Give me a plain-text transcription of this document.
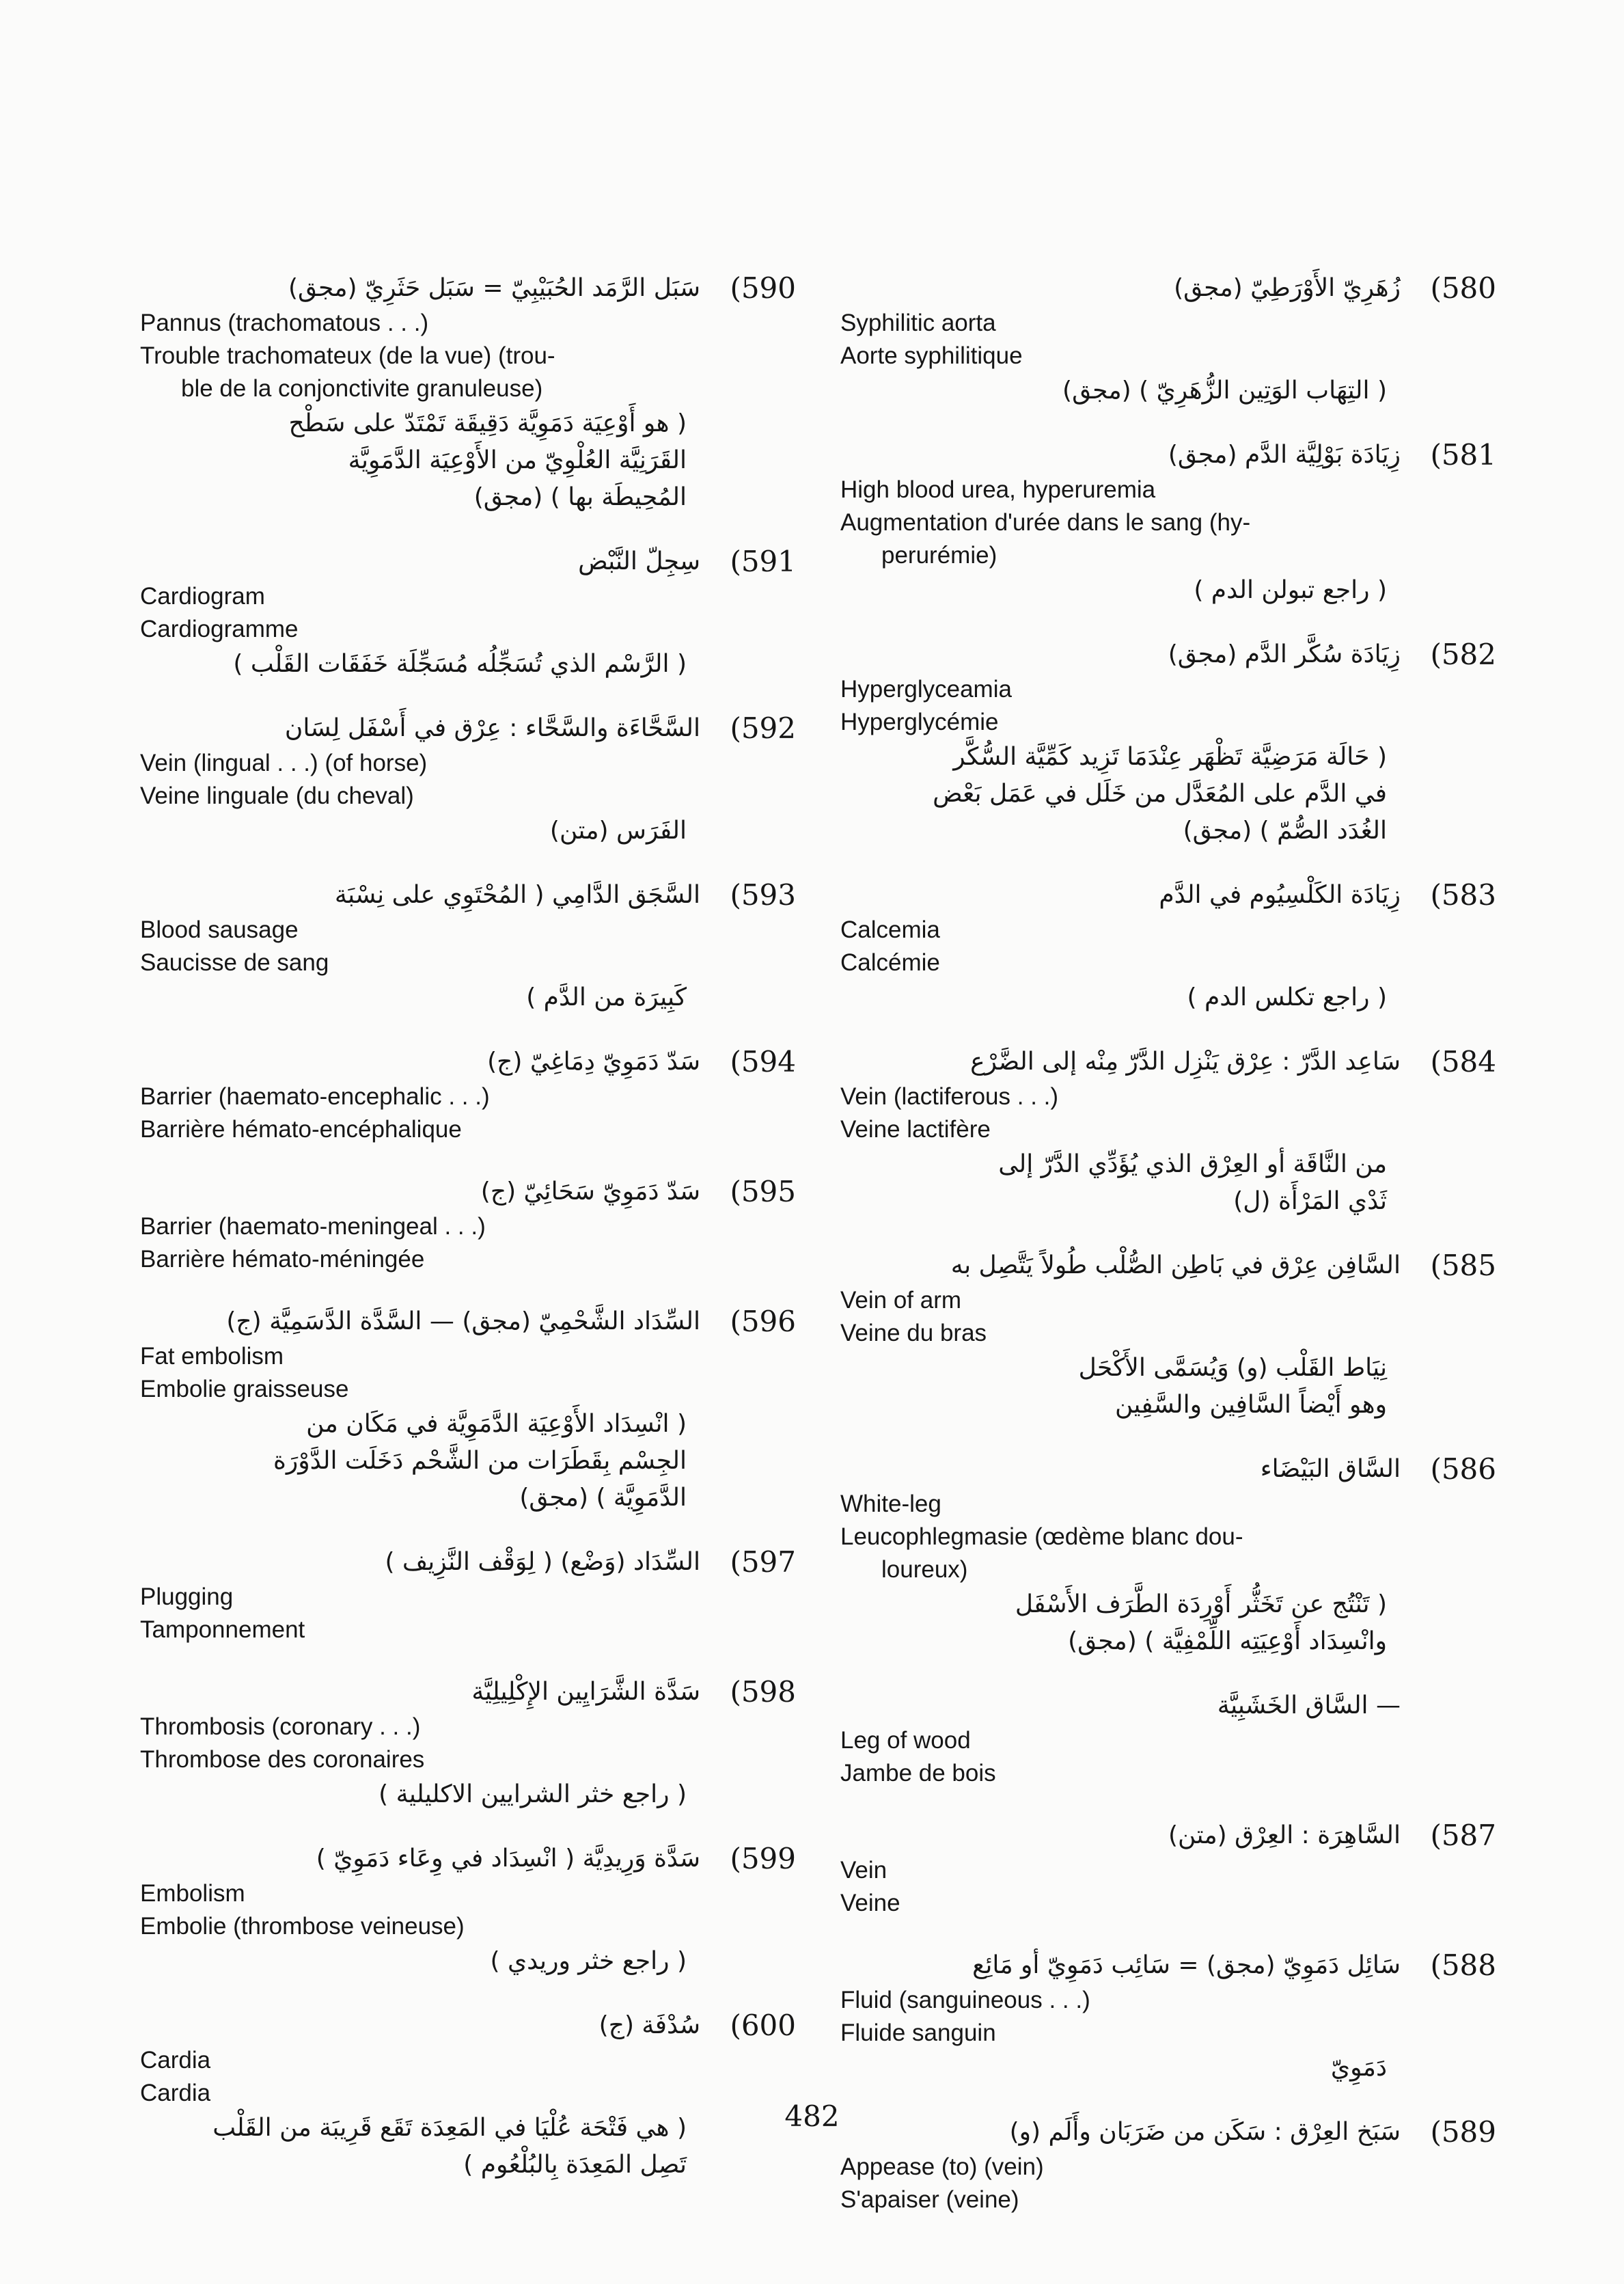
(590
سَبَل الرَّمَد الحُبَيْبِيّ = سَبَل حَثَرِيّ (مجق)
Pannus (trachomatous . . .)
Trouble trachomateux (de la vue) (trou-
ble de la conjonctivite granuleuse)
( هو أَوْعِيَة دَمَوِيَّة دَقِيقَة تَمْتَدّ على سَطْح
القَرَنِيَّة العُلْوِيّ من الأَوْعِيَة الدَّمَوِيَّة
المُحِيطَة بها ) (مجق)
(591
سِجِلّ النَّبْض
Cardiogram
Cardiogramme
( الرَّسْم الذي تُسَجِّلُه مُسَجِّلَة خَفَقَات القَلْب )
(592
السَّحَّاءَة والسَّحَّاء : عِرْق في أَسْفَل لِسَان
Vein (lingual . . .) (of horse)
Veine linguale (du cheval)
الفَرَس (متن)
(593
السَّجَق الدَّامِي ( المُحْتَوِي على نِسْبَة
Blood sausage
Saucisse de sang
كَبِيرَة من الدَّم )
(594
سَدّ دَمَوِيّ دِمَاغِيّ (ج)
Barrier (haemato-encephalic . . .)
Barrière hémato-encéphalique
(595
سَدّ دَمَوِيّ سَحَائِيّ (ج)
Barrier (haemato-meningeal . . .)
Barrière hémato-méningée
(596
السِّدَاد الشَّحْمِيّ (مجق) — السَّدَّة الدَّسَمِيَّة (ج)
Fat embolism
Embolie graisseuse
( انْسِدَاد الأَوْعِيَة الدَّمَوِيَّة في مَكَان من
الجِسْم بِقَطَرَات من الشَّحْم دَخَلَت الدَّوْرَة
الدَّمَوِيَّة ) (مجق)
(597
السِّدَاد (وَضْع) ( لِوَقْف النَّزِيف )
Plugging
Tamponnement
(598
سَدَّة الشَّرَايِين الإِكْلِيلِيَّة
Thrombosis (coronary . . .)
Thrombose des coronaires
( راجع خثر الشرايين الاكليلية )
(599
سَدَّة وَرِيدِيَّة ( انْسِدَاد في وِعَاء دَمَوِيّ )
Embolism
Embolie (thrombose veineuse)
( راجع خثر وريدي )
(600
سُدْفَة (ج)
Cardia
Cardia
( هي فَتْحَة عُلْيَا في المَعِدَة تَقَع قَرِيبَة من القَلْب
تَصِل المَعِدَة بِالبُلْعُوم )
(580
زُهَرِيّ الأَوْرَطِيّ (مجق)
Syphilitic aorta
Aorte syphilitique
( التِهَاب الوَتِين الزُّهَرِيّ ) (مجق)
(581
زِيَادَة بَوْلِيَّة الدَّم (مجق)
High blood urea, hyperuremia
Augmentation d'urée dans le sang (hy-
perurémie)
( راجع تبولن الدم )
(582
زِيَادَة سُكَّر الدَّم (مجق)
Hyperglyceamia
Hyperglycémie
( حَالَة مَرَضِيَّة تَظْهَر عِنْدَمَا تَزِيد كَمِّيَّة السُّكَّر
في الدَّم على المُعَدَّل من خَلَل في عَمَل بَعْض
الغُدَد الصُّمّ ) (مجق)
(583
زِيَادَة الكَلْسِيُوم في الدَّم
Calcemia
Calcémie
( راجع تكلس الدم )
(584
سَاعِد الدَّرّ : عِرْق يَنْزِل الدَّرّ مِنْه إلى الضَّرْع
Vein (lactiferous . . .)
Veine lactifère
من النَّاقَة أو العِرْق الذي يُؤَدِّي الدَّرّ إلى
ثَدْي المَرْأَة (ل)
(585
السَّافِن عِرْق في بَاطِن الصُّلْب طُولاً يَتَّصِل به
Vein of arm
Veine du bras
نِيَاط القَلْب (و) وَيُسَمَّى الأَكْحَل
وهو أَيْضاً السَّافِين والسَّفِين
(586
السَّاق البَيْضَاء
White-leg
Leucophlegmasie (œdème blanc dou-
loureux)
( تَنْتُج عن تَخَثُّر أَوْرِدَة الطَّرَف الأَسْفَل
وانْسِدَاد أَوْعِيَتِه اللِّمْفِيَّة ) (مجق)
— السَّاق الخَشَبِيَّة
Leg of wood
Jambe de bois
(587
السَّاهِرَة : العِرْق (متن)
Vein
Veine
(588
سَائِل دَمَوِيّ (مجق) = سَائِب دَمَوِيّ أو مَائِع
Fluid (sanguineous . . .)
Fluide sanguin
دَمَوِيّ
(589
سَبَخ العِرْق : سَكَن من ضَرَبَان وأَلَم (و)
Appease (to) (vein)
S'apaiser (veine)
482
